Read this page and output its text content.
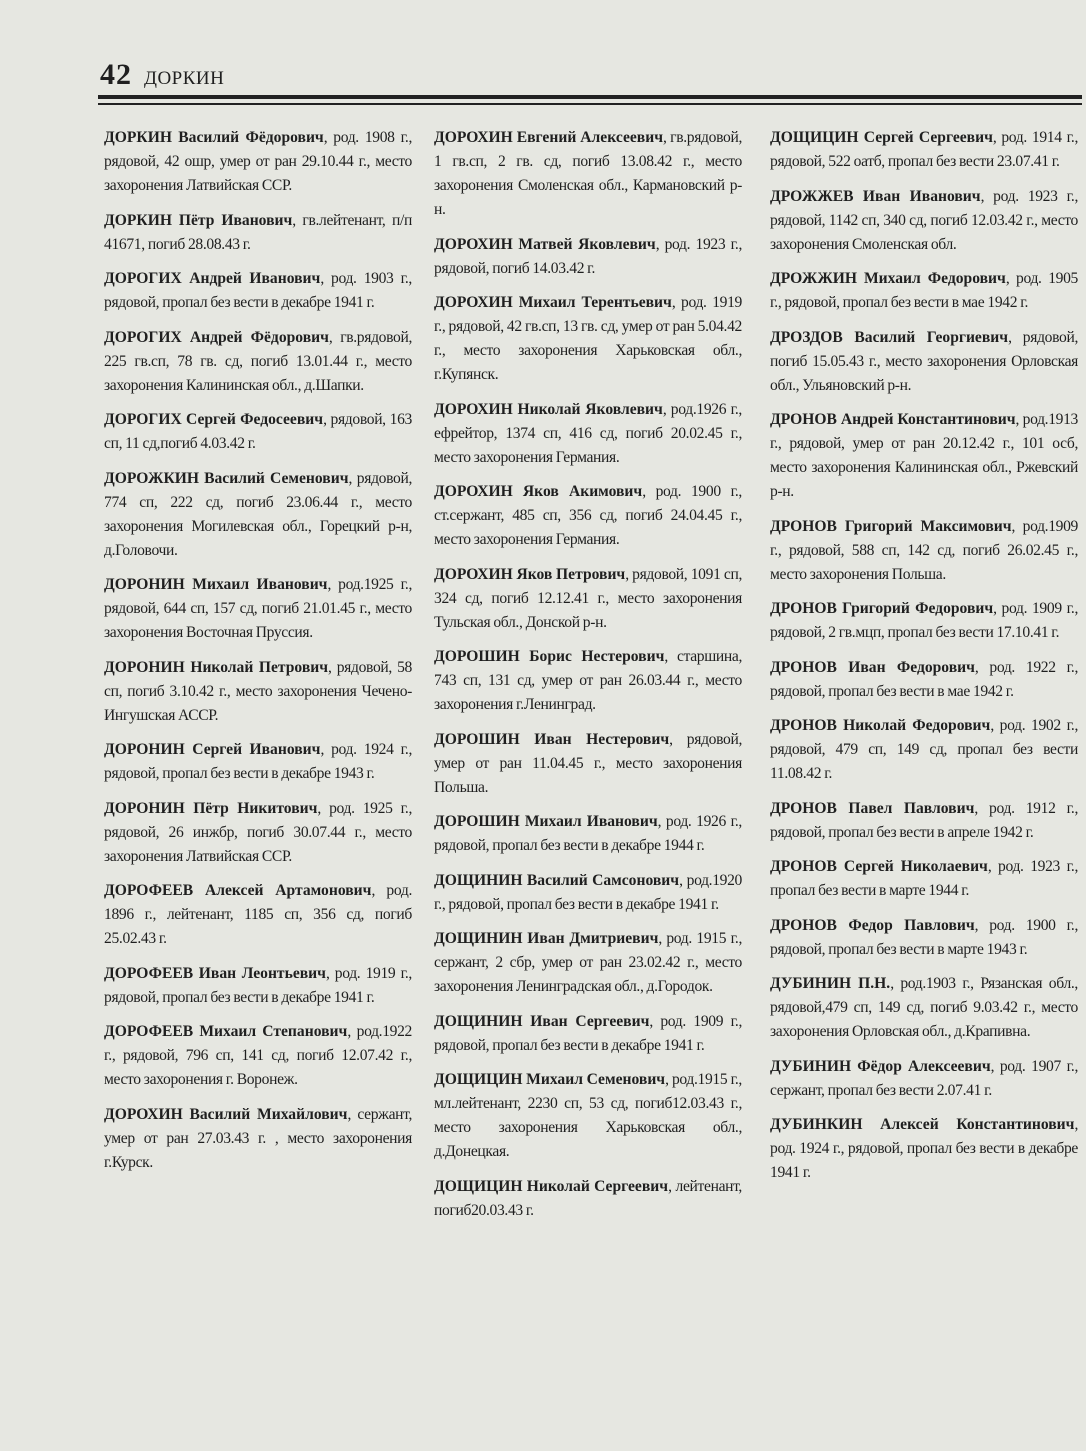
42 ДОРКИН

ДОРКИН Василий Фёдорович, род. 1908 г., рядовой, 42 ошр, умер от ран 29.10.44 г., место захоронения Латвийская ССР.

ДОРКИН Пётр Иванович, гв.лейтенант, п/п 41671, погиб 28.08.43 г.

ДОРОГИХ Андрей Иванович, род. 1903 г., рядовой, пропал без вести в декабре 1941 г.

ДОРОГИХ Андрей Фёдорович, гв.рядовой, 225 гв.сп, 78 гв. сд, погиб 13.01.44 г., место захоронения Калининская обл., д.Шапки.

ДОРОГИХ Сергей Федосеевич, рядовой, 163 сп, 11 сд,погиб 4.03.42 г.

ДОРОЖКИН Василий Семенович, рядовой, 774 сп, 222 сд, погиб 23.06.44 г., место захоронения Могилевская обл., Горецкий р-н, д.Головочи.

ДОРОНИН Михаил Иванович, род.1925 г., рядовой, 644 сп, 157 сд, погиб 21.01.45 г., место захоронения Восточная Пруссия.

ДОРОНИН Николай Петрович, рядовой, 58 сп, погиб 3.10.42 г., место захоронения Чечено-Ингушская АССР.

ДОРОНИН Сергей Иванович, род. 1924 г., рядовой, пропал без вести в декабре 1943 г.

ДОРОНИН Пётр Никитович, род. 1925 г., рядовой, 26 инжбр, погиб 30.07.44 г., место захоронения Латвийская ССР.

ДОРОФЕЕВ Алексей Артамонович, род. 1896 г., лейтенант, 1185 сп, 356 сд, погиб 25.02.43 г.

ДОРОФЕЕВ Иван Леонтьевич, род. 1919 г., рядовой, пропал без вести в декабре 1941 г.

ДОРОФЕЕВ Михаил Степанович, род.1922 г., рядовой, 796 сп, 141 сд, погиб 12.07.42 г., место захоронения г. Воронеж.

ДОРОХИН Василий Михайлович, сержант, умер от ран 27.03.43 г. , место захоронения г.Курск.

ДОРОХИН Евгений Алексеевич, гв.рядовой, 1 гв.сп, 2 гв. сд, погиб 13.08.42 г., место захоронения Смоленская обл., Кармановский р-н.

ДОРОХИН Матвей Яковлевич, род. 1923 г., рядовой, погиб 14.03.42 г.

ДОРОХИН Михаил Терентьевич, род. 1919 г., рядовой, 42 гв.сп, 13 гв. сд, умер от ран 5.04.42 г., место захоронения Харьковская обл., г.Купянск.

ДОРОХИН Николай Яковлевич, род.1926 г., ефрейтор, 1374 сп, 416 сд, погиб 20.02.45 г., место захоронения Германия.

ДОРОХИН Яков Акимович, род. 1900 г., ст.сержант, 485 сп, 356 сд, погиб 24.04.45 г., место захоронения Германия.

ДОРОХИН Яков Петрович, рядовой, 1091 сп, 324 сд, погиб 12.12.41 г., место захоронения Тульская обл., Донской р-н.

ДОРОШИН Борис Нестерович, старшина, 743 сп, 131 сд, умер от ран 26.03.44 г., место захоронения г.Ленинград.

ДОРОШИН Иван Нестерович, рядовой, умер от ран 11.04.45 г., место захоронения Польша.

ДОРОШИН Михаил Иванович, род. 1926 г., рядовой, пропал без вести в декабре 1944 г.

ДОЩИНИН Василий Самсонович, род.1920 г., рядовой, пропал без вести в декабре 1941 г.

ДОЩИНИН Иван Дмитриевич, род. 1915 г., сержант, 2 сбр, умер от ран 23.02.42 г., место захоронения Ленинградская обл., д.Городок.

ДОЩИНИН Иван Сергеевич, род. 1909 г., рядовой, пропал без вести в декабре 1941 г.

ДОЩИЦИН Михаил Семенович, род.1915 г., мл.лейтенант, 2230 сп, 53 сд, погиб12.03.43 г., место захоронения Харьковская обл., д.Донецкая.

ДОЩИЦИН Николай Сергеевич, лейтенант, погиб20.03.43 г.

ДОЩИЦИН Сергей Сергеевич, род. 1914 г., рядовой, 522 оатб, пропал без вести 23.07.41 г.

ДРОЖЖЕВ Иван Иванович, род. 1923 г., рядовой, 1142 сп, 340 сд, погиб 12.03.42 г., место захоронения Смоленская обл.

ДРОЖЖИН Михаил Федорович, род. 1905 г., рядовой, пропал без вести в мае 1942 г.

ДРОЗДОВ Василий Георгиевич, рядовой, погиб 15.05.43 г., место захоронения Орловская обл., Ульяновский р-н.

ДРОНОВ Андрей Константинович, род.1913 г., рядовой, умер от ран 20.12.42 г., 101 осб, место захоронения Калининская обл., Ржевский р-н.

ДРОНОВ Григорий Максимович, род.1909 г., рядовой, 588 сп, 142 сд, погиб 26.02.45 г., место захоронения Польша.

ДРОНОВ Григорий Федорович, род. 1909 г., рядовой, 2 гв.мцп, пропал без вести 17.10.41 г.

ДРОНОВ Иван Федорович, род. 1922 г., рядовой, пропал без вести в мае 1942 г.

ДРОНОВ Николай Федорович, род. 1902 г., рядовой, 479 сп, 149 сд, пропал без вести 11.08.42 г.

ДРОНОВ Павел Павлович, род. 1912 г., рядовой, пропал без вести в апреле 1942 г.

ДРОНОВ Сергей Николаевич, род. 1923 г., пропал без вести в марте 1944 г.

ДРОНОВ Федор Павлович, род. 1900 г., рядовой, пропал без вести в марте 1943 г.

ДУБИНИН П.Н., род.1903 г., Рязанская обл., рядовой,479 сп, 149 сд, погиб 9.03.42 г., место захоронения Орловская обл., д.Крапивна.

ДУБИНИН Фёдор Алексеевич, род. 1907 г., сержант, пропал без вести 2.07.41 г.

ДУБИНКИН Алексей Константинович, род. 1924 г., рядовой, пропал без вести в декабре 1941 г.
